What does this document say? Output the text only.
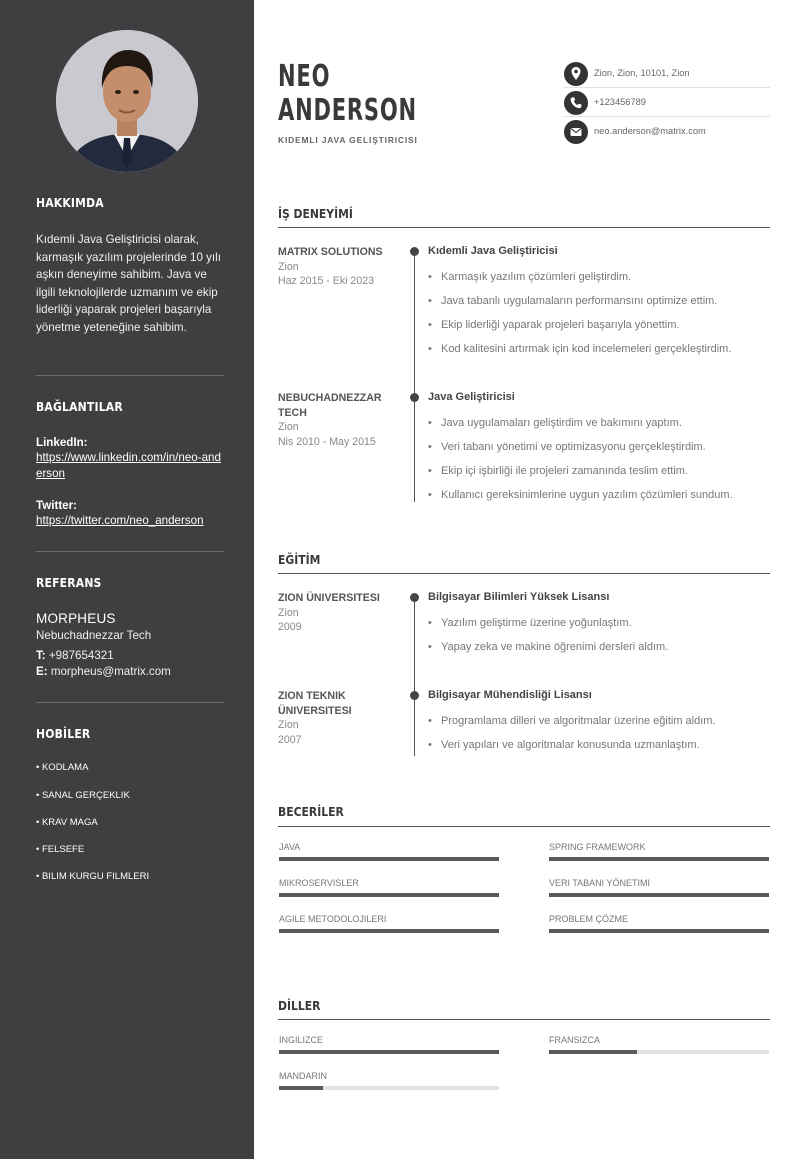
HAKKIMDA
Kıdemli Java Geliştiricisi olarak, karmaşık yazılım projelerinde 10 yılı aşkın deneyime sahibim. Java ve ilgili teknolojilerde uzmanım ve ekip liderliği yaparak projeleri başarıyla yönetme yeteneğine sahibim.
BAĞLANTILAR
LinkedIn:
https://www.linkedin.com/in/neo-anderson
Twitter:
https://twitter.com/neo_anderson
REFERANS
MORPHEUS
Nebuchadnezzar Tech
T: +987654321
E: morpheus@matrix.com
HOBİLER
• KODLAMA
• SANAL GERÇEKLIK
• KRAV MAGA
• FELSEFE
• BILIM KURGU FILMLERI
NEO
ANDERSON
KIDEMLI JAVA GELIŞTIRICISI
Zion, Zion, 10101, Zion
+123456789
neo.anderson@matrix.com
İŞ DENEYİMİ
MATRIX SOLUTIONS
Zion
Haz 2015 - Eki 2023
Kıdemli Java Geliştiricisi
• Karmaşık yazılım çözümleri geliştirdim.
• Java tabanlı uygulamaların performansını optimize ettim.
• Ekip liderliği yaparak projeleri başarıyla yönettim.
• Kod kalitesini artırmak için kod incelemeleri gerçekleştirdim.
NEBUCHADNEZZAR TECH
Zion
Nis 2010 - May 2015
Java Geliştiricisi
• Java uygulamaları geliştirdim ve bakımını yaptım.
• Veri tabanı yönetimi ve optimizasyonu gerçekleştirdim.
• Ekip içi işbirliği ile projeleri zamanında teslim ettim.
• Kullanıcı gereksinimlerine uygun yazılım çözümleri sundum.
EĞİTİM
ZION ÜNIVERSITESI
Zion
2009
Bilgisayar Bilimleri Yüksek Lisansı
• Yazılım geliştirme üzerine yoğunlaştım.
• Yapay zeka ve makine öğrenimi dersleri aldım.
ZION TEKNIK ÜNIVERSITESI
Zion
2007
Bilgisayar Mühendisliği Lisansı
• Programlama dilleri ve algoritmalar üzerine eğitim aldım.
• Veri yapıları ve algoritmalar konusunda uzmanlaştım.
BECERİLER
JAVA	SPRING FRAMEWORK
MIKROSERVISLER	VERI TABANI YÖNETIMI
AGILE METODOLOJILERI	PROBLEM ÇÖZME
DİLLER
İNGILIZCE	FRANSIZCA
MANDARIN
